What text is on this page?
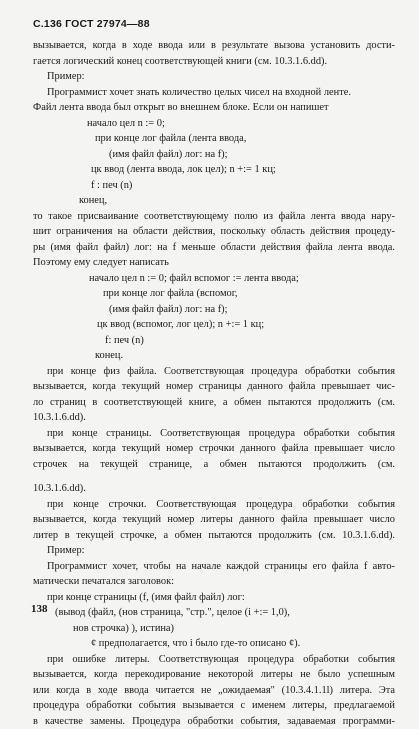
С.136 ГОСТ 27974—88
вызывается, когда в ходе ввода или в результате вызова установить дости-
гается логический конец соответствующей книги (см. 10.3.1.6.dd).
Пример:
Программист хочет знать количество целых чисел на входной ленте.
Файл лента ввода был открыт во внешнем блоке. Если он напишет
начало цел n := 0;
при конце лог файла (лента ввода,
(имя файл файл) лог: на f);
цк ввод (лента ввода, лок цел); n +:= 1 кц;
f : печ (n)
конец,
то такое присваивание соответствующему полю из файла лента ввода нару-
шит ограничения на области действия, поскольку область действия процеду-
ры (имя файл файл) лог: на f меньше области действия файла лента ввода.
Поэтому ему следует написать
начало цел n := 0; файл вспомог := лента ввода;
при конце лог файла (вспомог,
(имя файл файл) лог: на f);
цк ввод (вспомог, лог цел); n +:= 1 кц;
f: печ (n)
конец.
при конце физ файла. Соответствующая процедура обработки события
вызывается, когда текущий номер страницы данного файла превышает чис-
ло страниц в соответствующей книге, а обмен пытаются продолжить (см.
10.3.1.6.dd).
при конце страницы. Соответствующая процедура обработки события
вызывается, когда текущий номер строчки данного файла превышает число
строчек на текущей странице, а обмен пытаются продолжить (см.
10.3.1.6.dd).
при конце строчки. Соответствующая процедура обработки события
вызывается, когда текущий номер литеры данного файла превышает число
литер в текущей строчке, а обмен пытаются продолжить (см. 10.3.1.6.dd).
Пример:
Программист хочет, чтобы на начале каждой страницы его файла f авто-
матически печатался заголовок:
при конце страницы (f, (имя файл файл) лог:
(вывод (файл, (нов страница, "стр.", целое (i +:= 1,0),
нов строчка) ), истина)
¢ предполагается, что i было где-то описано ¢).
при ошибке литеры. Соответствующая процедура обработки события
вызывается, когда перекодирование некоторой литеры не было успешным
или когда в ходе ввода читается не „ожидаемая" (10.3.4.1.1l) литера. Эта
процедура обработки события вызывается с именем литеры, предлагаемой
в качестве замены. Процедура обработки события, задаваемая программи-
138
